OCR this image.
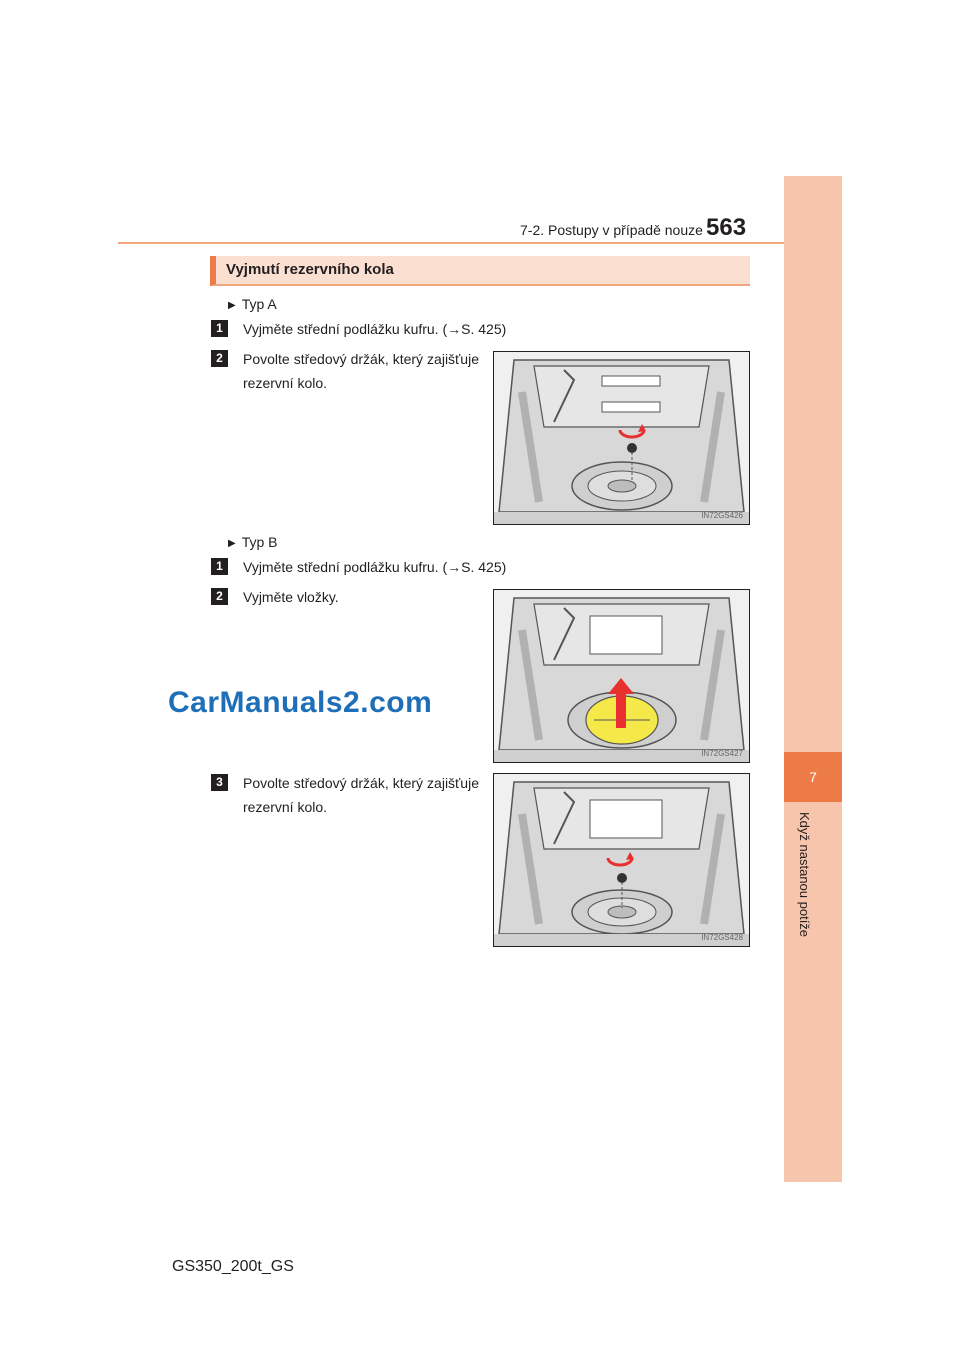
7-2. Postupy v případě nouze 563
7
Když nastanou potíže
Vyjmutí rezervního kola
▶ Typ A
1	Vyjměte střední podlážku kufru. (→S. 425)
2	Povolte středový držák, který zajišťuje rezervní kolo.
IN72GS426
▶ Typ B
1	Vyjměte střední podlážku kufru. (→S. 425)
2	Vyjměte vložky.
IN72GS427
3	Povolte středový držák, který zajišťuje rezervní kolo.
IN72GS428
CarManuals2.com
GS350_200t_GS
